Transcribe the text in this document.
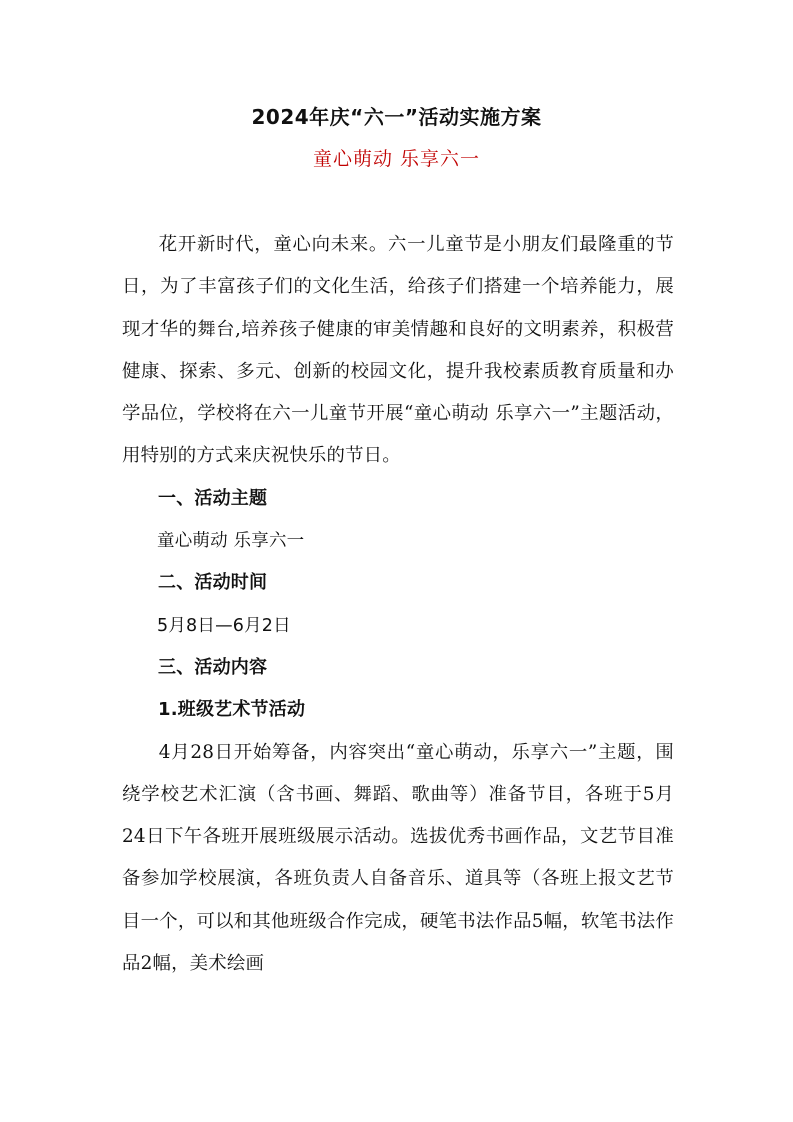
2024年庆“六一”活动实施方案
童心萌动 乐享六一

花开新时代，童心向未来。六一儿童节是小朋友们最隆重的节日，为了丰富孩子们的文化生活，给孩子们搭建一个培养能力，展现才华的舞台,培养孩子健康的审美情趣和良好的文明素养，积极营健康、探索、多元、创新的校园文化，提升我校素质教育质量和办学品位，学校将在六一儿童节开展“童心萌动 乐享六一”主题活动，用特别的方式来庆祝快乐的节日。

一、活动主题

童心萌动 乐享六一

二、活动时间

5月8日—6月2日

三、活动内容

1.班级艺术节活动

4月28日开始筹备，内容突出“童心萌动，乐享六一”主题，围绕学校艺术汇演（含书画、舞蹈、歌曲等）准备节目，各班于5月24日下午各班开展班级展示活动。选拔优秀书画作品，文艺节目准备参加学校展演，各班负责人自备音乐、道具等（各班上报文艺节目一个，可以和其他班级合作完成，硬笔书法作品5幅，软笔书法作品2幅，美术绘画
